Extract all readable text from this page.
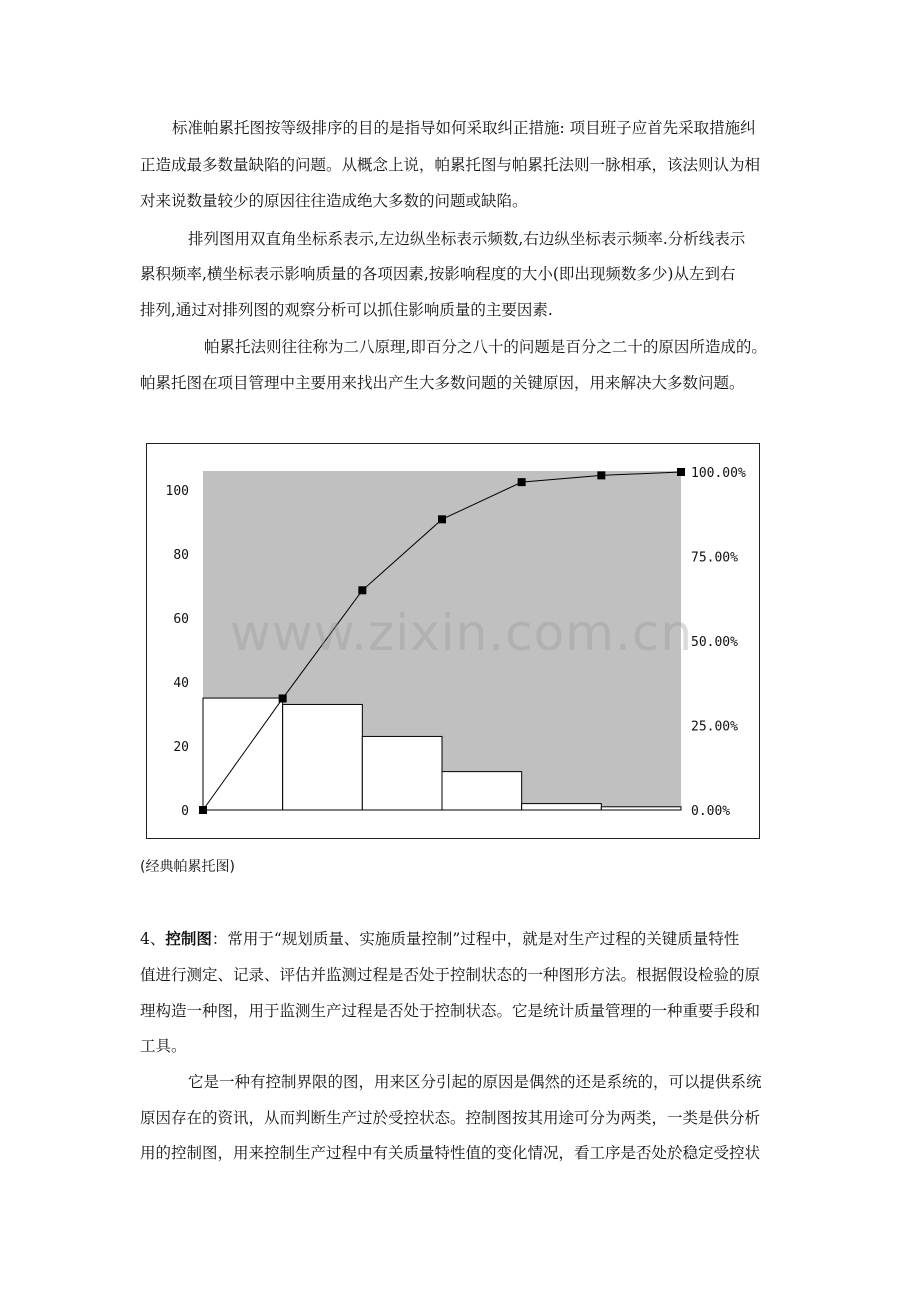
标准帕累托图按等级排序的目的是指导如何采取纠正措施: 项目班子应首先采取措施纠
正造成最多数量缺陷的问题。从概念上说，帕累托图与帕累托法则一脉相承，该法则认为相
对来说数量较少的原因往往造成绝大多数的问题或缺陷。
排列图用双直角坐标系表示,左边纵坐标表示频数,右边纵坐标表示频率.分析线表示
累积频率,横坐标表示影响质量的各项因素,按影响程度的大小(即出现频数多少)从左到右
排列,通过对排列图的观察分析可以抓住影响质量的主要因素.
帕累托法则往往称为二八原理,即百分之八十的问题是百分之二十的原因所造成的。
帕累托图在项目管理中主要用来找出产生大多数问题的关键原因，用来解决大多数问题。
0
20
40
60
80
100
0.00%
25.00%
50.00%
75.00%
100.00%
www.zixin.com.cn
(经典帕累托图)
4、控制图：常用于“规划质量、实施质量控制”过程中，就是对生产过程的关键质量特性
值进行测定、记录、评估并监测过程是否处于控制状态的一种图形方法。根据假设检验的原
理构造一种图，用于监测生产过程是否处于控制状态。它是统计质量管理的一种重要手段和
工具。
它是一种有控制界限的图，用来区分引起的原因是偶然的还是系统的，可以提供系统
原因存在的资讯，从而判断生产过於受控状态。控制图按其用途可分为两类，一类是供分析
用的控制图，用来控制生产过程中有关质量特性值的变化情况，看工序是否处於稳定受控状
